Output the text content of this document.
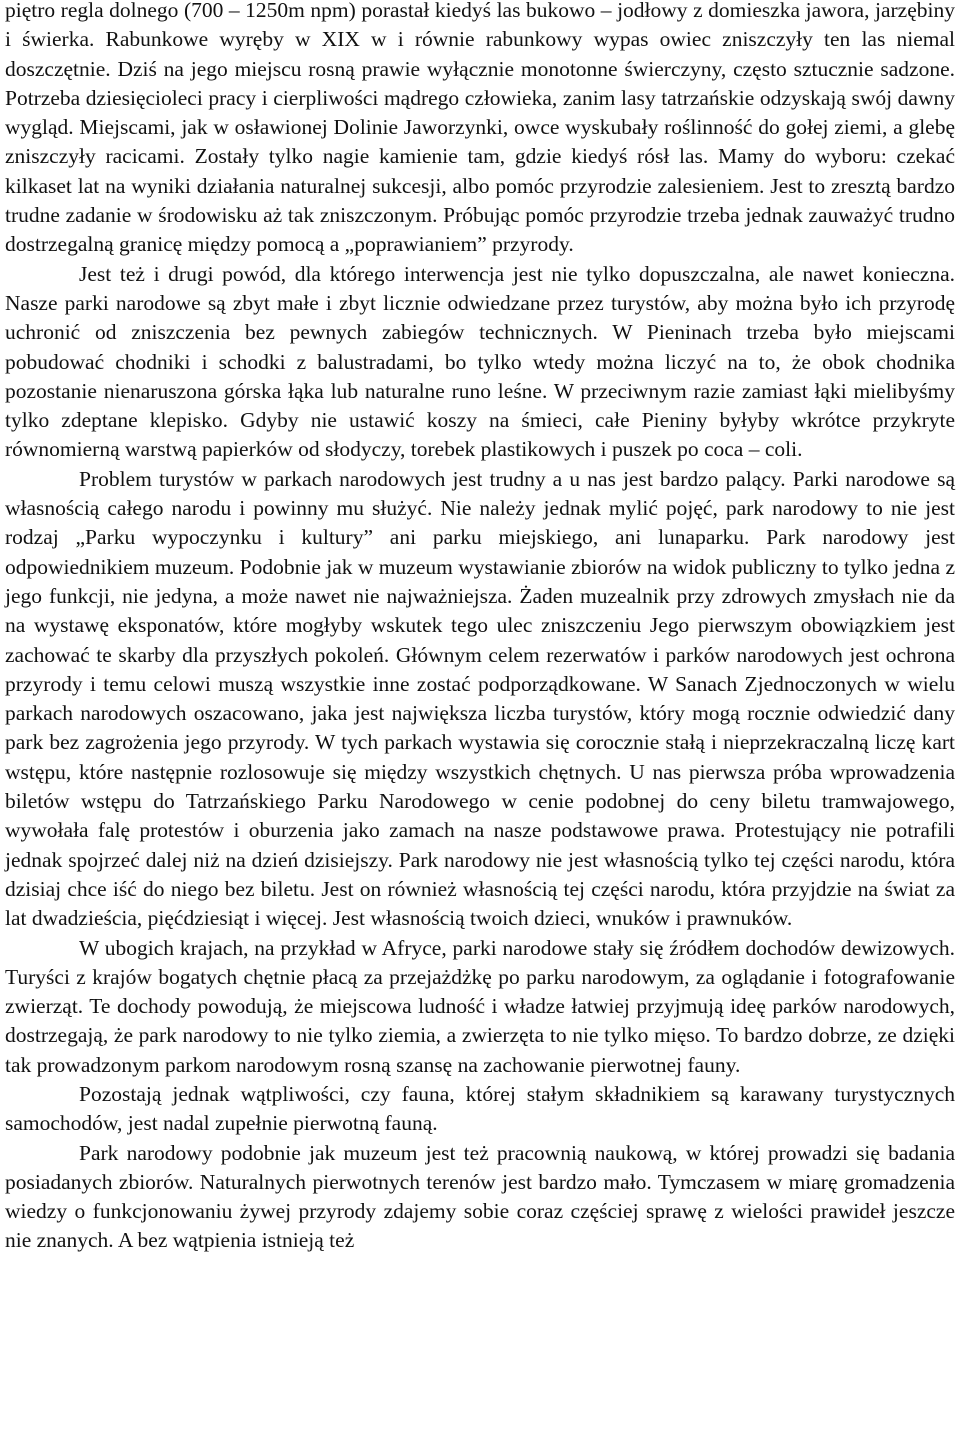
piętro regla dolnego (700 – 1250m npm) porastał kiedyś las bukowo – jodłowy z domieszka jawora, jarzębiny i świerka. Rabunkowe wyręby w XIX w i równie rabunkowy wypas owiec zniszczyły ten las niemal doszczętnie. Dziś na jego miejscu rosną prawie wyłącznie monotonne świerczyny, często sztucznie sadzone. Potrzeba dziesięcioleci pracy i cierpliwości mądrego człowieka, zanim lasy tatrzańskie odzyskają swój dawny wygląd. Miejscami, jak w osławionej Dolinie Jaworzynki, owce wyskubały roślinność do gołej ziemi, a glebę zniszczyły racicami. Zostały tylko nagie kamienie tam, gdzie kiedyś rósł las. Mamy do wyboru: czekać kilkaset lat na wyniki działania naturalnej sukcesji, albo pomóc przyrodzie zalesieniem. Jest to zresztą bardzo trudne zadanie w środowisku aż tak zniszczonym. Próbując pomóc przyrodzie trzeba jednak zauważyć trudno dostrzegalną granicę między pomocą a „poprawianiem” przyrody.

Jest też i drugi powód, dla którego interwencja jest nie tylko dopuszczalna, ale nawet konieczna. Nasze parki narodowe są zbyt małe i zbyt licznie odwiedzane przez turystów, aby można było ich przyrodę uchronić od zniszczenia bez pewnych zabiegów technicznych. W Pieninach trzeba było miejscami pobudować chodniki i schodki z balustradami, bo tylko wtedy można liczyć na to, że obok chodnika pozostanie nienaruszona górska łąka lub naturalne runo leśne. W przeciwnym razie zamiast łąki mielibyśmy tylko zdeptane klepisko. Gdyby nie ustawić koszy na śmieci, całe Pieniny byłyby wkrótce przykryte równomierną warstwą papierków od słodyczy, torebek plastikowych i puszek po coca – coli.

Problem turystów w parkach narodowych jest trudny a u nas jest bardzo palący. Parki narodowe są własnością całego narodu i powinny mu służyć. Nie należy jednak mylić pojęć, park narodowy to nie jest rodzaj „Parku wypoczynku i kultury” ani parku miejskiego, ani lunaparku. Park narodowy jest odpowiednikiem muzeum. Podobnie jak w muzeum wystawianie zbiorów na widok publiczny to tylko jedna z jego funkcji, nie jedyna, a może nawet nie najważniejsza. Żaden muzealnik przy zdrowych zmysłach nie da na wystawę eksponatów, które mogłyby wskutek tego ulec zniszczeniu Jego pierwszym obowiązkiem jest zachować te skarby dla przyszłych pokoleń. Głównym celem rezerwatów i parków narodowych jest ochrona przyrody i temu celowi muszą wszystkie inne zostać podporządkowane. W Sanach Zjednoczonych w wielu parkach narodowych oszacowano, jaka jest największa liczba turystów, który mogą rocznie odwiedzić dany park bez zagrożenia jego przyrody. W tych parkach wystawia się corocznie stałą i nieprzekraczalną liczę kart wstępu, które następnie rozlosowuje się między wszystkich chętnych. U nas pierwsza próba wprowadzenia biletów wstępu do Tatrzańskiego Parku Narodowego w cenie podobnej do ceny biletu tramwajowego, wywołała falę protestów i oburzenia jako zamach na nasze podstawowe prawa. Protestujący nie potrafili jednak spojrzeć dalej niż na dzień dzisiejszy. Park narodowy nie jest własnością tylko tej części narodu, która dzisiaj chce iść do niego bez biletu. Jest on również własnością tej części narodu, która przyjdzie na świat za lat dwadzieścia, pięćdziesiąt i więcej. Jest własnością twoich dzieci, wnuków i prawnuków.

W ubogich krajach, na przykład w Afryce, parki narodowe stały się źródłem dochodów dewizowych. Turyści z krajów bogatych chętnie płacą za przejażdżkę po parku narodowym, za oglądanie i fotografowanie zwierząt. Te dochody powodują, że miejscowa ludność i władze łatwiej przyjmują ideę parków narodowych, dostrzegają, że park narodowy to nie tylko ziemia, a zwierzęta to nie tylko mięso. To bardzo dobrze, ze dzięki tak prowadzonym parkom narodowym rosną szansę na zachowanie pierwotnej fauny.

Pozostają jednak wątpliwości, czy fauna, której stałym składnikiem są karawany turystycznych samochodów, jest nadal zupełnie pierwotną fauną.

Park narodowy podobnie jak muzeum jest też pracownią naukową, w której prowadzi się badania posiadanych zbiorów. Naturalnych pierwotnych terenów jest bardzo mało. Tymczasem w miarę gromadzenia wiedzy o funkcjonowaniu żywej przyrody zdajemy sobie coraz częściej sprawę z wielości prawideł jeszcze nie znanych. A bez wątpienia istnieją też
